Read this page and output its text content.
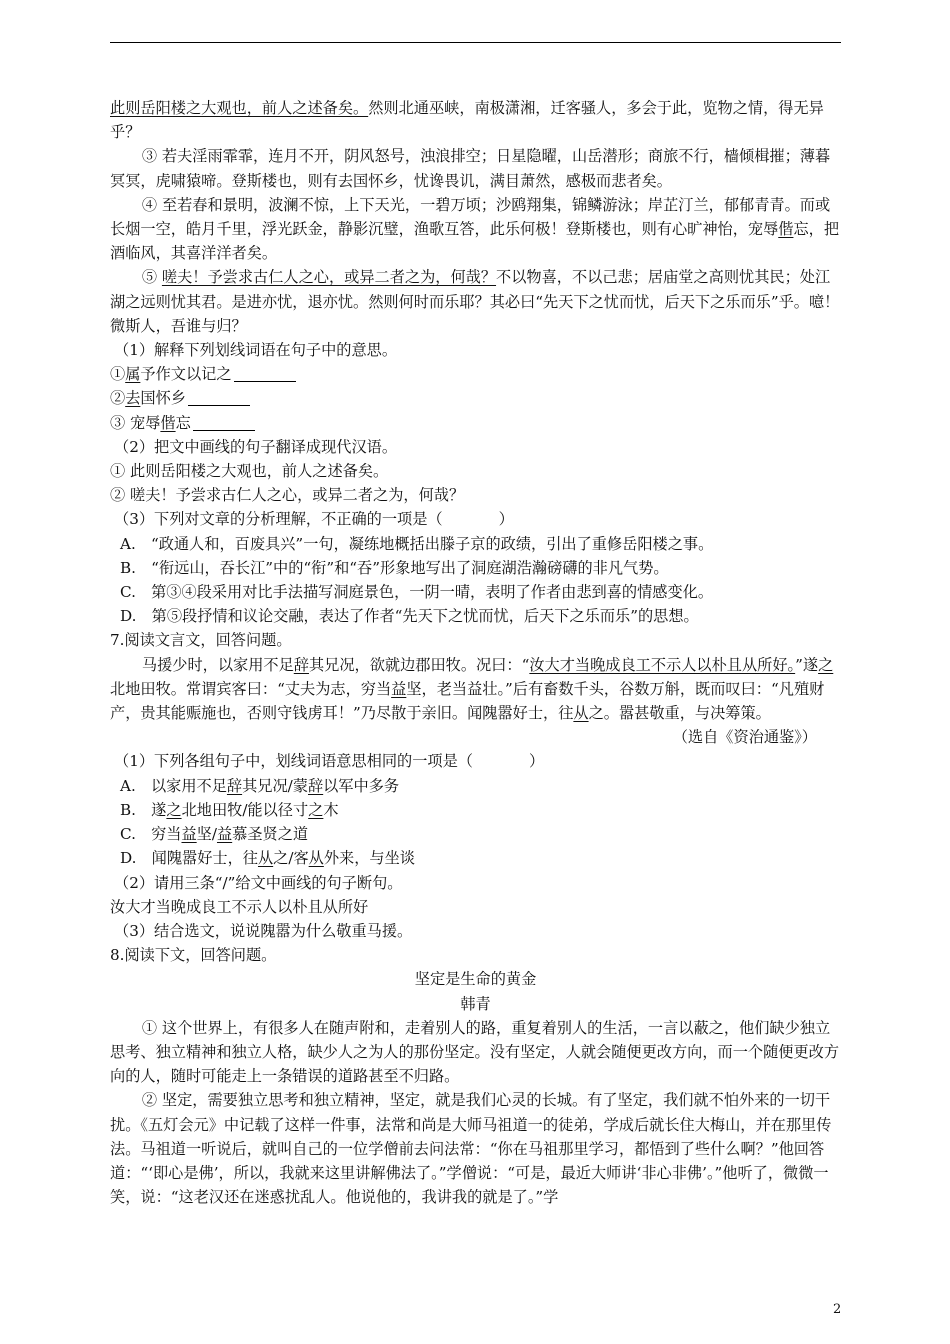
此则岳阳楼之大观也，前人之述备矣。然则北通巫峡，南极潇湘，迁客骚人，多会于此，览物之情，得无异乎？

③ 若夫淫雨霏霏，连月不开，阴风怒号，浊浪排空；日星隐曜，山岳潜形；商旅不行，樯倾楫摧；薄暮冥冥，虎啸猿啼。登斯楼也，则有去国怀乡，忧谗畏讥，满目萧然，感极而悲者矣。

④ 至若春和景明，波澜不惊，上下天光，一碧万顷；沙鸥翔集，锦鳞游泳；岸芷汀兰，郁郁青青。而或长烟一空，皓月千里，浮光跃金，静影沉璧，渔歌互答，此乐何极！登斯楼也，则有心旷神怡，宠辱偕忘，把酒临风，其喜洋洋者矣。

⑤ 嗟夫！予尝求古仁人之心，或异二者之为，何哉？不以物喜，不以己悲；居庙堂之高则忧其民；处江湖之远则忧其君。是进亦忧，退亦忧。然则何时而乐耶？其必曰“先天下之忧而忧，后天下之乐而乐”乎。噫！微斯人，吾谁与归？

（1）解释下列划线词语在句子中的意思。

①属予作文以记之

②去国怀乡

③ 宠辱偕忘

（2）把文中画线的句子翻译成现代汉语。

① 此则岳阳楼之大观也，前人之述备矣。

② 嗟夫！予尝求古仁人之心，或异二者之为，何哉？

（3）下列对文章的分析理解，不正确的一项是（	）

A.　“政通人和，百废具兴”一句，凝练地概括出滕子京的政绩，引出了重修岳阳楼之事。

B.　“衔远山，吞长江”中的“衔”和“吞”形象地写出了洞庭湖浩瀚磅礴的非凡气势。

C.　第③④段采用对比手法描写洞庭景色，一阴一晴，表明了作者由悲到喜的情感变化。

D.　第⑤段抒情和议论交融，表达了作者“先天下之忧而忧，后天下之乐而乐”的思想。

7.阅读文言文，回答问题。

马援少时，以家用不足辞其兄况，欲就边郡田牧。况曰：“汝大才当晚成良工不示人以朴且从所好。”遂之北地田牧。常谓宾客曰：“丈夫为志，穷当益坚，老当益壮。”后有畜数千头，谷数万斛，既而叹曰：“凡殖财产，贵其能赈施也，否则守钱虏耳！”乃尽散于亲旧。闻隗嚣好士，往从之。嚣甚敬重，与决筹策。

（选自《资治通鉴》）

（1）下列各组句子中，划线词语意思相同的一项是（	）

A.　以家用不足辞其兄况/蒙辞以军中多务

B.　遂之北地田牧/能以径寸之木

C.　穷当益坚/益慕圣贤之道

D.　闻隗嚣好士，往从之/客从外来，与坐谈

（2）请用三条“/”给文中画线的句子断句。

汝大才当晚成良工不示人以朴且从所好

（3）结合选文，说说隗嚣为什么敬重马援。

8.阅读下文，回答问题。

坚定是生命的黄金

韩青

① 这个世界上，有很多人在随声附和，走着别人的路，重复着别人的生活，一言以蔽之，他们缺少独立思考、独立精神和独立人格，缺少人之为人的那份坚定。没有坚定，人就会随便更改方向，而一个随便更改方向的人，随时可能走上一条错误的道路甚至不归路。

② 坚定，需要独立思考和独立精神，坚定，就是我们心灵的长城。有了坚定，我们就不怕外来的一切干扰。《五灯会元》中记载了这样一件事，法常和尚是大师马祖道一的徒弟，学成后就长住大梅山，并在那里传法。马祖道一听说后，就叫自己的一位学僧前去问法常：“你在马祖那里学习，都悟到了些什么啊？”他回答道：“‘即心是佛’，所以，我就来这里讲解佛法了。”学僧说：“可是，最近大师讲‘非心非佛’。”他听了，微微一笑，说：“这老汉还在迷惑扰乱人。他说他的，我讲我的就是了。”学

2
